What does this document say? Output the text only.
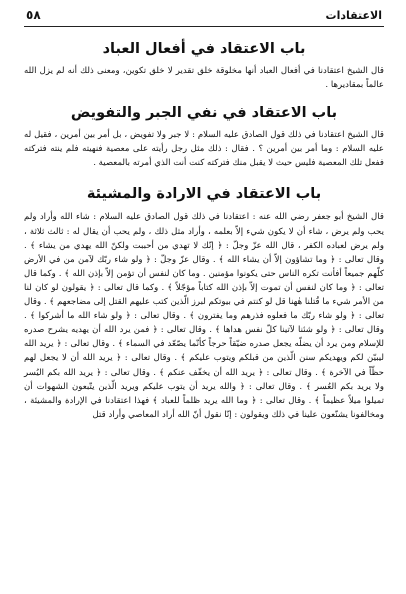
الاعتقادات
٥٨
باب الاعتقاد في أفعال العباد

قال الشيخ اعتقادنا في أفعال العباد أنها مخلوقة خلق تقدير لا خلق تكوين، ومعنى ذلك أنه لم يزل الله عالماً بمقاديرها .

باب الاعتقاد في نفي الجبر والتفويض

قال الشيخ اعتقادنا في ذلك قول الصادق عليه السلام : لا جبر ولا تفويض ، بل أمر بين أمرين ، فقيل له عليه السلام : وما أمر بين أمرين ؟ . فقال : ذلك مثل رجل رأيته على معصية فنهيته فلم ينته فتركته ففعل تلك المعصية فليس حيث لا يقبل منك فتركته كنت أنت الذي أمرته بالمعصية .

باب الاعتقاد في الارادة والمشيئة

قال الشيخ أبو جعفر رضي الله عنه : اعتقادنا في ذلك قول الصادق عليه السلام : شاء الله وأراد ولم يحب ولم يرض ، شاء أن لا يكون شيء إلاّ بعلمه ، وأراد مثل ذلك ، ولم يحب أن يقال له : ثالث ثلاثة ، ولم يرض لعباده الكفر ، قال الله عزّ وجلّ : ﴿ إنّك لا تهدي من أحببت ولكنّ الله يهدي من يشاء ﴾ . وقال تعالى : ﴿ وما تشاؤون إلاّ أن يشاء الله ﴾ . وقال عزّ وجلّ : ﴿ ولو شاء ربّك لآمن من في الأرض كلّهم جميعاً أفأنت تكره الناس حتى يكونوا مؤمنين . وما كان لنفس أن تؤمن إلاّ بإذن الله ﴾ . وكما قال تعالى : ﴿ وما كان لنفس أن تموت إلاّ بإذن الله كتاباً مؤجّلاً ﴾ . وكما قال تعالى : ﴿ يقولون لو كان لنا من الأمر شيء ما قُتلنا هٰهنا قل لو كنتم في بيوتكم لبرز الّذين كتب عليهم القتل إلى مضاجعهم ﴾ . وقال تعالى : ﴿ ولو شاء ربّك ما فعلوه فذرهم وما يفترون ﴾ . وقال تعالى : ﴿ ولو شاء الله ما أشركوا ﴾ . وقال تعالى : ﴿ ولو شئنا لآتينا كلّ نفس هداها ﴾ . وقال تعالى : ﴿ فمن يرد الله أن يهديه يشرح صدره للإسلام ومن يرد أن يضلّه يجعل صدره ضيّقاً حرجاً كأنّما يصّعّد في السماء ﴾ . وقال تعالى : ﴿ يريد الله ليبيّن لكم ويهديكم سنن الّذين من قبلكم ويتوب عليكم ﴾ . وقال تعالى : ﴿ يريد الله أن لا يجعل لهم حظّاً في الآخرة ﴾ . وقال تعالى : ﴿ يريد الله أن يخفّف عنكم ﴾ . وقال تعالى : ﴿ يريد الله بكم اليُسر ولا يريد بكم العُسر ﴾ . وقال تعالى : ﴿ والله يريد أن يتوب عليكم ويريد الّذين يتّبعون الشهوات أن تميلوا ميلاً عظيماً ﴾ . وقال تعالى : ﴿ وما الله يريد ظلماً للعباد ﴾ فهذا اعتقادنا في الإرادة والمشيئة ، ومخالفونا يشنّعون علينا في ذلك ويقولون : إنّا نقول أنّ الله أراد المعاصي وأراد قتل
